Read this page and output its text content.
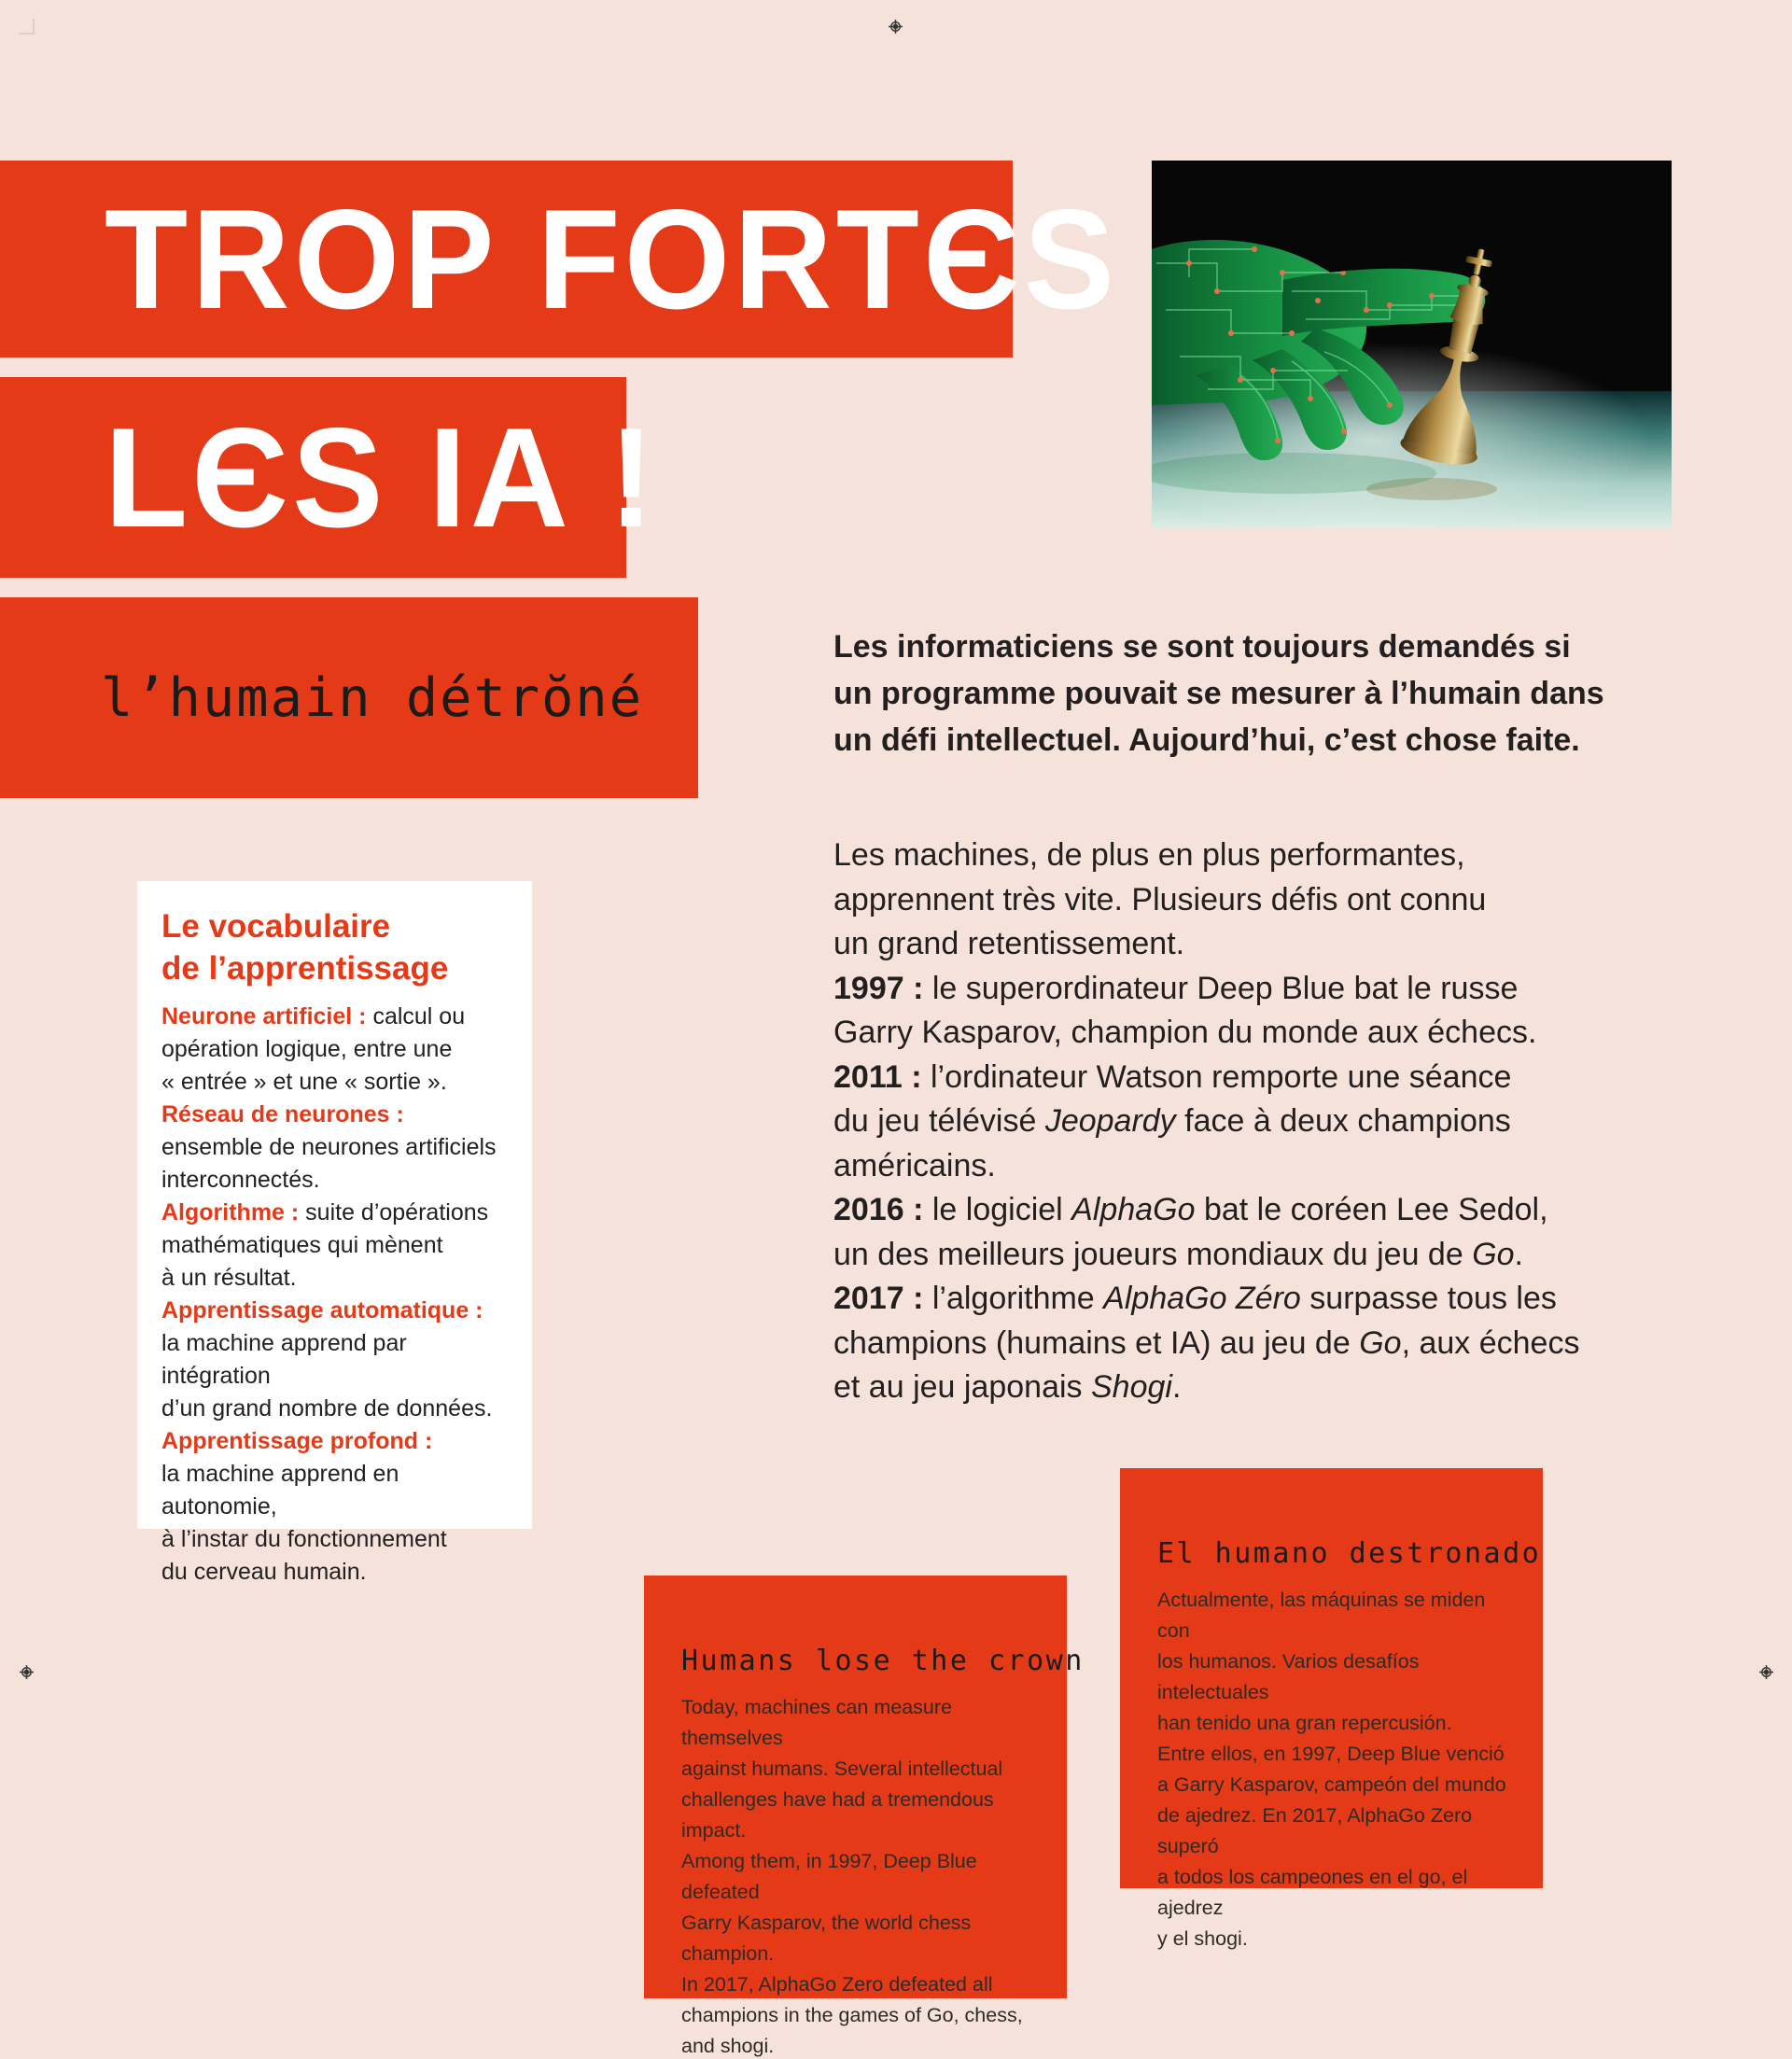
TROP FORTЄS
LЄS IA !
l’humain détrŏné
Les informaticiens se sont toujours demandés si
un programme pouvait se mesurer à l’humain dans
un défi intellectuel. Aujourd’hui, c’est chose faite.
Les machines, de plus en plus performantes,
apprennent très vite. Plusieurs défis ont connu
un grand retentissement.
1997 : le superordinateur Deep Blue bat le russe
Garry Kasparov, champion du monde aux échecs.
2011 : l’ordinateur Watson remporte une séance
du jeu télévisé Jeopardy face à deux champions
américains.
2016 : le logiciel AlphaGo bat le coréen Lee Sedol,
un des meilleurs joueurs mondiaux du jeu de Go.
2017 : l’algorithme AlphaGo Zéro surpasse tous les
champions (humains et IA) au jeu de Go, aux échecs
et au jeu japonais Shogi.
Le vocabulaire
de l’apprentissage
Neurone artificiel : calcul ou
opération logique, entre une
« entrée » et une « sortie ».
Réseau de neurones :
ensemble de neurones artificiels
interconnectés.
Algorithme : suite d’opérations
mathématiques qui mènent
à un résultat.
Apprentissage automatique :
la machine apprend par intégration
d’un grand nombre de données.
Apprentissage profond :
la machine apprend en autonomie,
à l’instar du fonctionnement
du cerveau humain.
Humans lose the crown
Today, machines can measure themselves
against humans. Several intellectual
challenges have had a tremendous impact.
Among them, in 1997, Deep Blue defeated
Garry Kasparov, the world chess champion.
In 2017, AlphaGo Zero defeated all
champions in the games of Go, chess,
and shogi.
El humano destronado
Actualmente, las máquinas se miden con
los humanos. Varios desafíos intelectuales
han tenido una gran repercusión.
Entre ellos, en 1997, Deep Blue venció
a Garry Kasparov, campeón del mundo
de ajedrez. En 2017, AlphaGo Zero superó
a todos los campeones en el go, el ajedrez
y el shogi.
